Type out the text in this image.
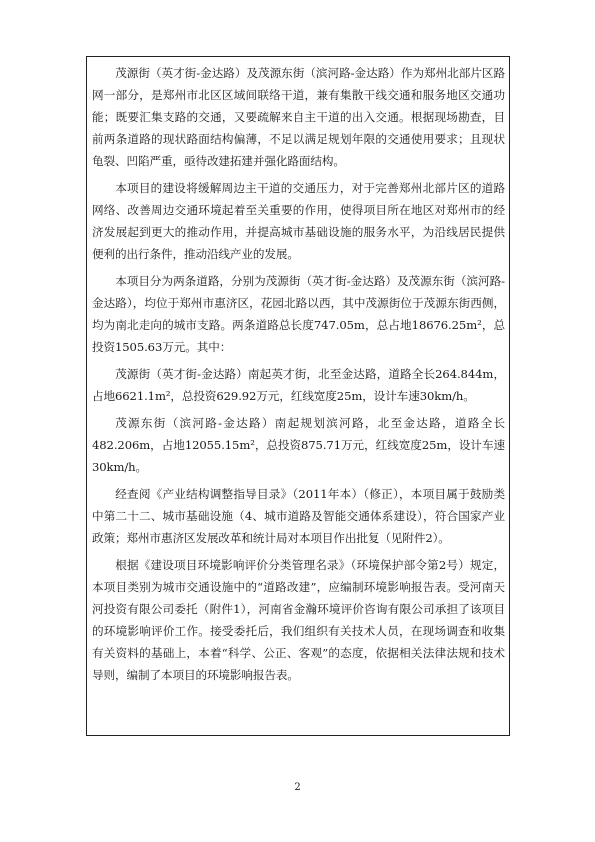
茂源街（英才街-金达路）及茂源东街（滨河路-金达路）作为郑州北部片区路网一部分，是郑州市北区区域间联络干道，兼有集散干线交通和服务地区交通功能；既要汇集支路的交通，又要疏解来自主干道的出入交通。根据现场勘查，目前两条道路的现状路面结构偏薄，不足以满足规划年限的交通使用要求；且现状龟裂、凹陷严重，亟待改建拓建并强化路面结构。

本项目的建设将缓解周边主干道的交通压力，对于完善郑州北部片区的道路网络、改善周边交通环境起着至关重要的作用，使得项目所在地区对郑州市的经济发展起到更大的推动作用，并提高城市基础设施的服务水平，为沿线居民提供便利的出行条件，推动沿线产业的发展。

本项目分为两条道路，分别为茂源街（英才街-金达路）及茂源东街（滨河路-金达路），均位于郑州市惠济区，花园北路以西，其中茂源街位于茂源东街西侧，均为南北走向的城市支路。两条道路总长度747.05m，总占地18676.25m²，总投资1505.63万元。其中：

茂源街（英才街-金达路）南起英才街，北至金达路，道路全长264.844m，占地6621.1m²，总投资629.92万元，红线宽度25m，设计车速30km/h。

茂源东街（滨河路-金达路）南起规划滨河路，北至金达路，道路全长482.206m，占地12055.15m²，总投资875.71万元，红线宽度25m，设计车速30km/h。

经查阅《产业结构调整指导目录》（2011年本）（修正），本项目属于鼓励类中第二十二、城市基础设施（4、城市道路及智能交通体系建设），符合国家产业政策；郑州市惠济区发展改革和统计局对本项目作出批复（见附件2）。

根据《建设项目环境影响评价分类管理名录》（环境保护部令第2号）规定，本项目类别为城市交通设施中的“道路改建”，应编制环境影响报告表。受河南天河投资有限公司委托（附件1），河南省金瀚环境评价咨询有限公司承担了该项目的环境影响评价工作。接受委托后，我们组织有关技术人员，在现场调查和收集有关资料的基础上，本着“科学、公正、客观”的态度，依据相关法律法规和技术导则，编制了本项目的环境影响报告表。

2
